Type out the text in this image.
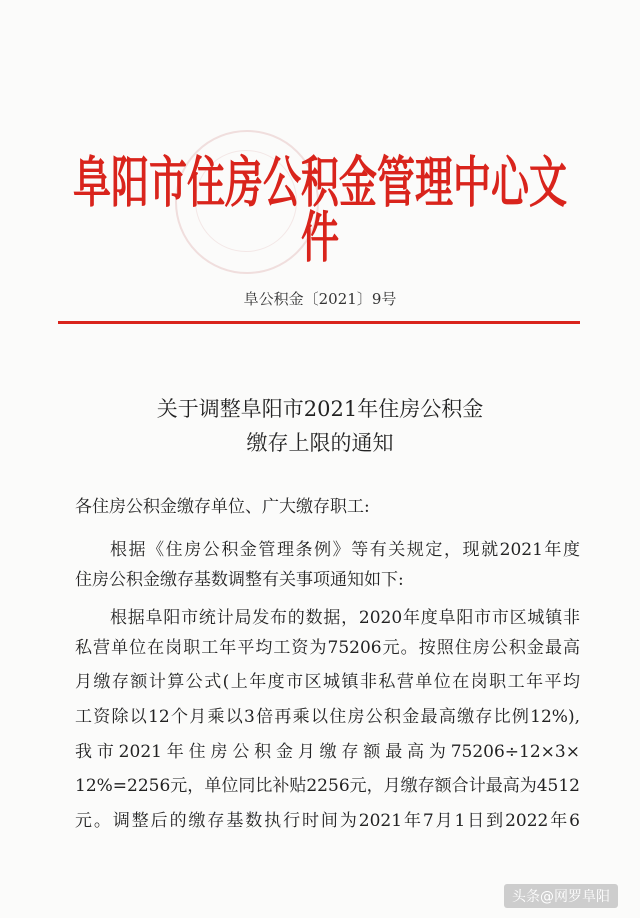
阜阳市住房公积金管理中心文件
阜公积金〔2021〕9号
关于调整阜阳市2021年住房公积金
缴存上限的通知
各住房公积金缴存单位、广大缴存职工:
根据《住房公积金管理条例》等有关规定，现就2021年度
住房公积金缴存基数调整有关事项通知如下:
根据阜阳市统计局发布的数据，2020年度阜阳市市区城镇非
私营单位在岗职工年平均工资为75206元。按照住房公积金最高
月缴存额计算公式(上年度市区城镇非私营单位在岗职工年平均
工资除以12个月乘以3倍再乘以住房公积金最高缴存比例12%),
我市2021年住房公积金月缴存额最高为75206÷12×3×
12%=2256元，单位同比补贴2256元，月缴存额合计最高为4512
元。调整后的缴存基数执行时间为2021年7月1日到2022年6
头条@网罗阜阳
